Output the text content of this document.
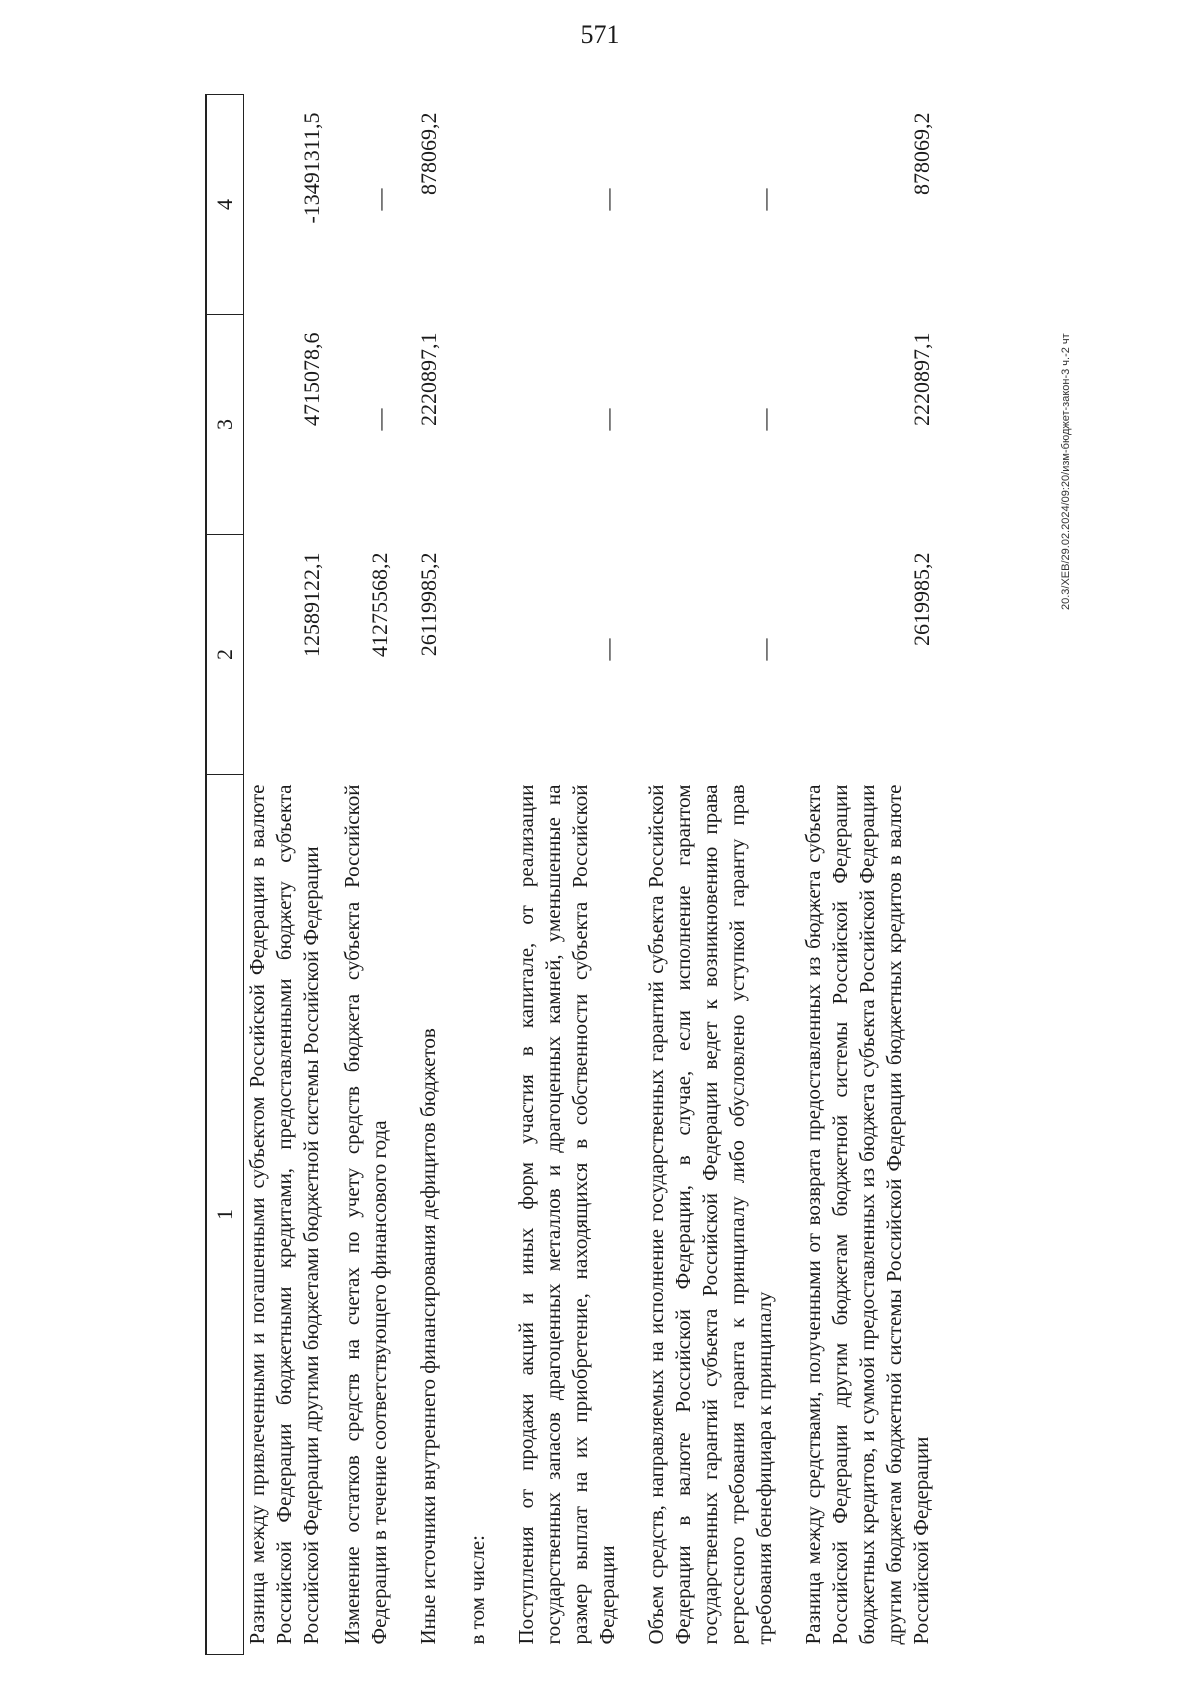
571
1	2	3	4
Разница между привлеченными и погашенными субъектом Российской Федерации в валюте Российской Федерации бюджетными кредитами, предоставленными бюджету субъекта Российской Федерации другими бюджетами бюджетной системы Российской Федерации	12589122,1	4715078,6	-13491311,5
Изменение остатков средств на счетах по учету средств бюджета субъекта Российской Федерации в течение соответствующего финансового года	41275568,2	—	—
Иные источники внутреннего финансирования дефицитов бюджетов	26119985,2	2220897,1	878069,2
в том числе:			
Поступления от продажи акций и иных форм участия в капитале, от реализации государственных запасов драгоценных металлов и драгоценных камней, уменьшенные на размер выплат на их приобретение, находящихся в собственности субъекта Российской Федерации	—	—	—
Объем средств, направляемых на исполнение государственных гарантий субъекта Российской Федерации в валюте Российской Федерации, в случае, если исполнение гарантом государственных гарантий субъекта Российской Федерации ведет к возникновению права регрессного требования гаранта к принципалу либо обусловлено уступкой гаранту прав требования бенефициара к принципалу	—	—	—
Разница между средствами, полученными от возврата предоставленных из бюджета субъекта Российской Федерации другим бюджетам бюджетной системы Российской Федерации бюджетных кредитов, и суммой предоставленных из бюджета субъекта Российской Федерации другим бюджетам бюджетной системы Российской Федерации бюджетных кредитов в валюте Российской Федерации	2619985,2	2220897,1	878069,2
20.3/ХЕВ/29.02.2024/09:20/изм-бюджет-закон-3 ч.-2 чт
